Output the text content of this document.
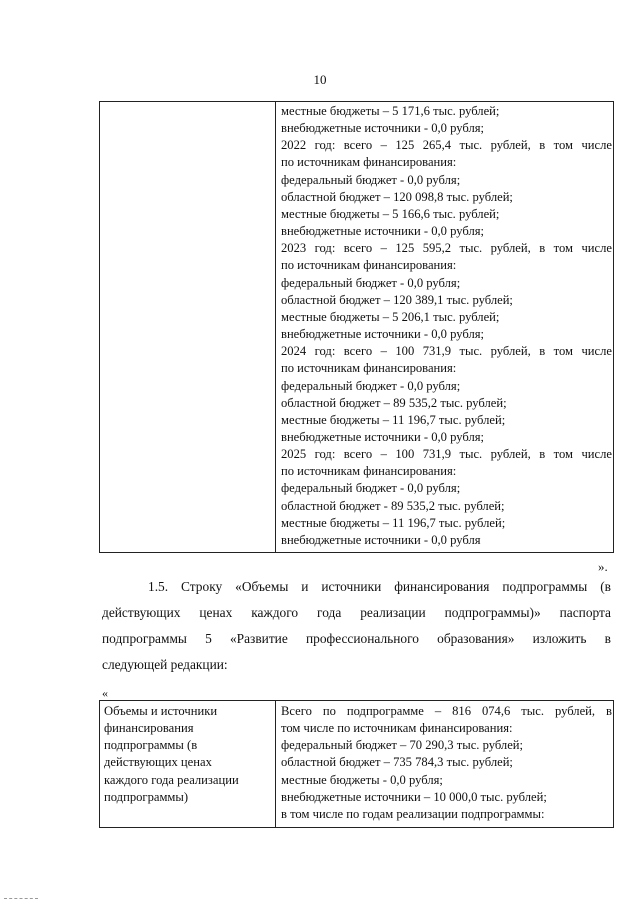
10
местные бюджеты – 5 171,6 тыс. рублей;
внебюджетные источники - 0,0 рубля;
2022 год: всего – 125 265,4 тыс. рублей, в том числе
по источникам финансирования:
федеральный бюджет - 0,0 рубля;
областной бюджет – 120 098,8 тыс. рублей;
местные бюджеты – 5 166,6 тыс. рублей;
внебюджетные источники - 0,0 рубля;
2023 год: всего – 125 595,2 тыс. рублей, в том числе
по источникам финансирования:
федеральный бюджет - 0,0 рубля;
областной бюджет – 120 389,1 тыс. рублей;
местные бюджеты – 5 206,1 тыс. рублей;
внебюджетные источники - 0,0 рубля;
2024 год: всего – 100 731,9 тыс. рублей, в том числе
по источникам финансирования:
федеральный бюджет - 0,0 рубля;
областной бюджет – 89 535,2 тыс. рублей;
местные бюджеты – 11 196,7 тыс. рублей;
внебюджетные источники - 0,0 рубля;
2025 год: всего – 100 731,9 тыс. рублей, в том числе
по источникам финансирования:
федеральный бюджет - 0,0 рубля;
областной бюджет - 89 535,2 тыс. рублей;
местные бюджеты – 11 196,7 тыс. рублей;
внебюджетные источники - 0,0 рубля
».
1.5. Строку «Объемы и источники финансирования подпрограммы (в
действующих ценах каждого года реализации подпрограммы)» паспорта
подпрограммы 5 «Развитие профессионального образования» изложить в
следующей редакции:
«
Объемы и источники
финансирования
подпрограммы (в
действующих ценах
каждого года реализации
подпрограммы)
Всего по подпрограмме – 816 074,6 тыс. рублей, в
том числе по источникам финансирования:
федеральный бюджет – 70 290,3 тыс. рублей;
областной бюджет – 735 784,3 тыс. рублей;
местные бюджеты - 0,0 рубля;
внебюджетные источники – 10 000,0 тыс. рублей;
в том числе по годам реализации подпрограммы:
